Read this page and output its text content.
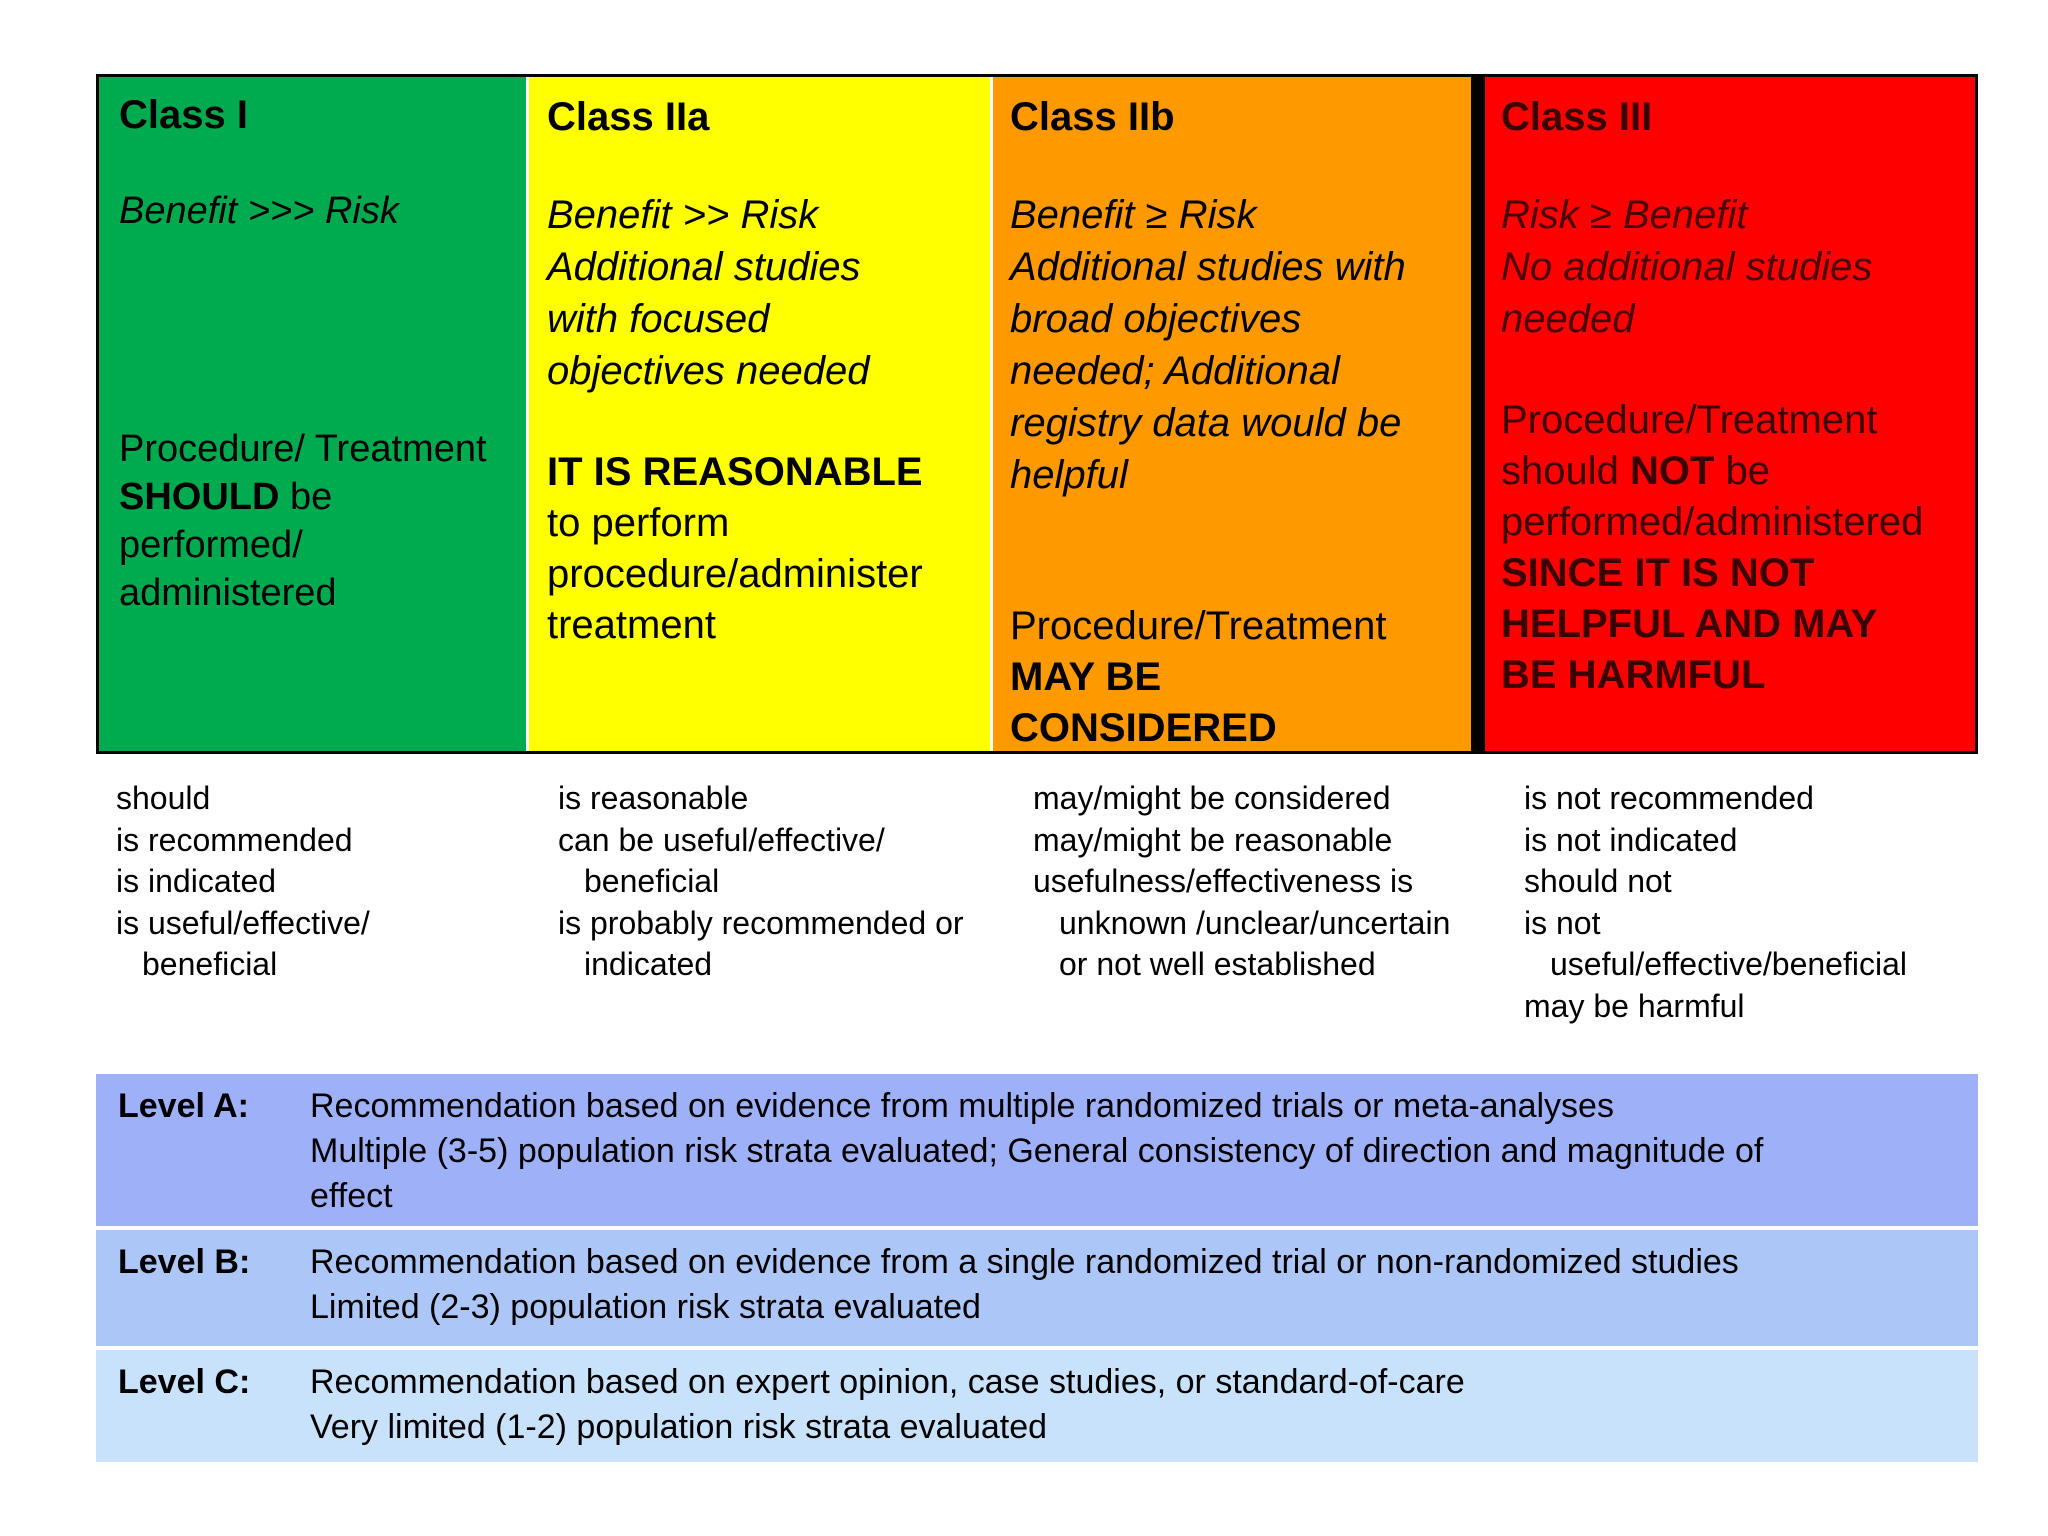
Class I
Benefit >>> Risk
Procedure/ Treatment
SHOULD be
performed/
administered
Class IIa
Benefit >> Risk
Additional studies
with focused
objectives needed
IT IS REASONABLE
to perform
procedure/administer
treatment
Class IIb
Benefit ≥ Risk
Additional studies with
broad objectives
needed; Additional
registry data would be
helpful
Procedure/Treatment
MAY BE
CONSIDERED
Class III
Risk ≥ Benefit
No additional studies
needed
Procedure/Treatment
should NOT be
performed/administered
SINCE IT IS NOT
HELPFUL AND MAY
BE HARMFUL
should
is recommended
is indicated
is useful/effective/
beneficial
is reasonable
can be useful/effective/
beneficial
is probably recommended or
indicated
may/might be considered
may/might be reasonable
usefulness/effectiveness is
unknown /unclear/uncertain
or not well established
is not recommended
is not indicated
should not
is not
useful/effective/beneficial
may be harmful
Level A: Recommendation based on evidence from multiple randomized trials or meta-analyses
Multiple (3-5) population risk strata evaluated; General consistency of direction and magnitude of
effect
Level B: Recommendation based on evidence from a single randomized trial or non-randomized studies
Limited (2-3) population risk strata evaluated
Level C: Recommendation based on expert opinion, case studies, or standard-of-care
Very limited (1-2) population risk strata evaluated
